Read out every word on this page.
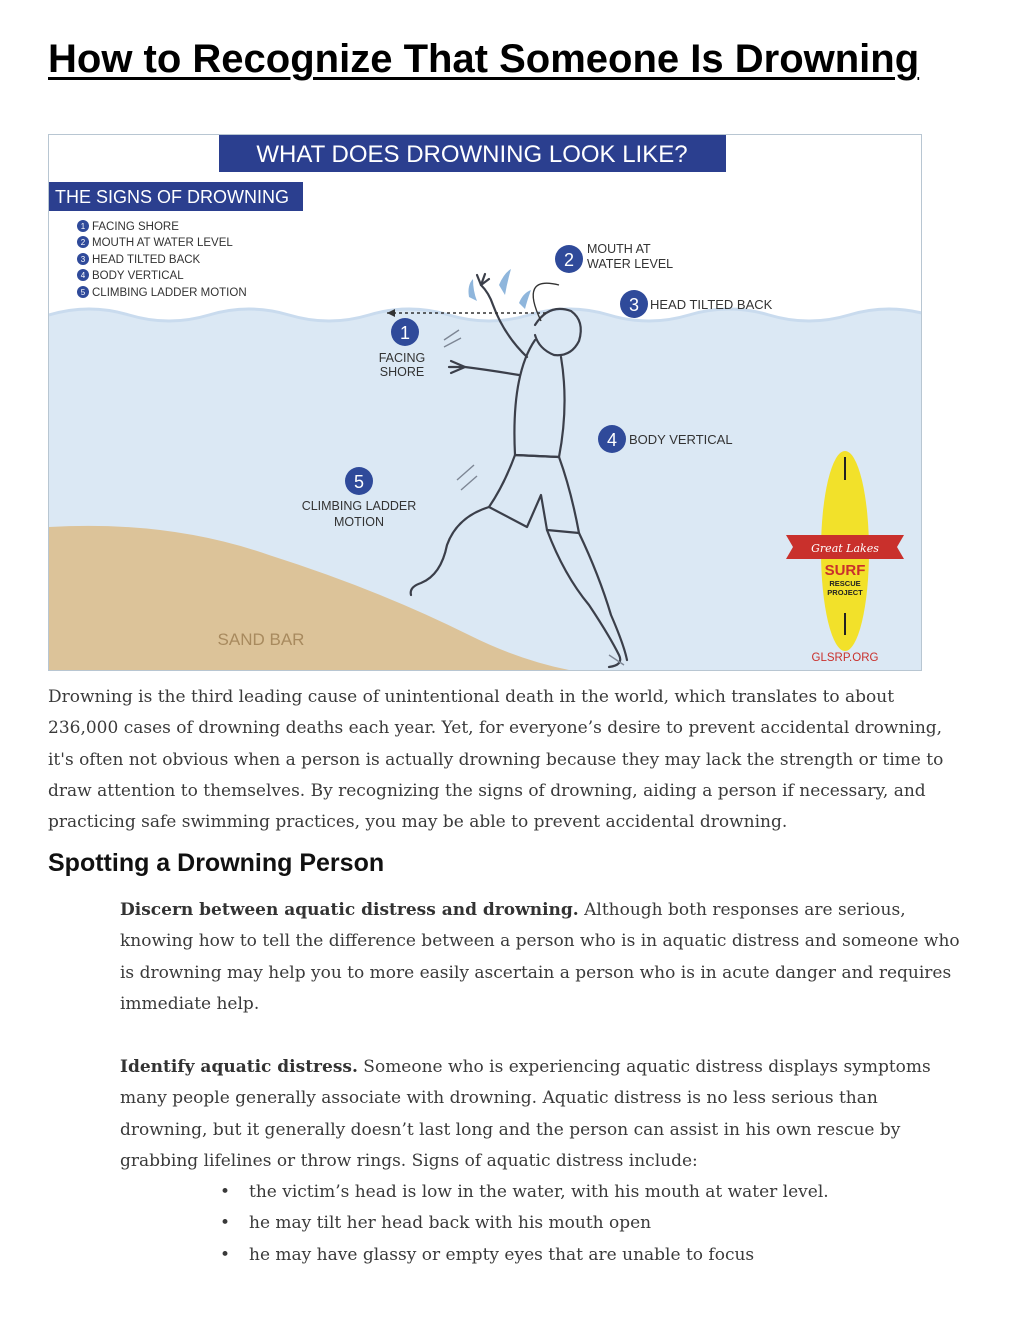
How to Recognize That Someone Is Drowning
WHAT DOES DROWNING LOOK LIKE?
THE SIGNS OF DROWNING
1 FACING SHORE
2 MOUTH AT WATER LEVEL
3 HEAD TILTED BACK
4 BODY VERTICAL
5 CLIMBING LADDER MOTION
1
FACING
SHORE
2
MOUTH AT
WATER LEVEL
3 HEAD TILTED BACK
4 BODY VERTICAL
5
CLIMBING LADDER
MOTION
SAND BAR
Great Lakes
SURF
RESCUE
PROJECT
GLSRP.ORG

Drowning is the third leading cause of unintentional death in the world, which translates to about 236,000 cases of drowning deaths each year. Yet, for everyone’s desire to prevent accidental drowning, it's often not obvious when a person is actually drowning because they may lack the strength or time to draw attention to themselves. By recognizing the signs of drowning, aiding a person if necessary, and practicing safe swimming practices, you may be able to prevent accidental drowning.

Spotting a Drowning Person

Discern between aquatic distress and drowning. Although both responses are serious, knowing how to tell the difference between a person who is in aquatic distress and someone who is drowning may help you to more easily ascertain a person who is in acute danger and requires immediate help.

Identify aquatic distress. Someone who is experiencing aquatic distress displays symptoms many people generally associate with drowning. Aquatic distress is no less serious than drowning, but it generally doesn’t last long and the person can assist in his own rescue by grabbing lifelines or throw rings. Signs of aquatic distress include:

• the victim’s head is low in the water, with his mouth at water level.
• he may tilt her head back with his mouth open
• he may have glassy or empty eyes that are unable to focus
